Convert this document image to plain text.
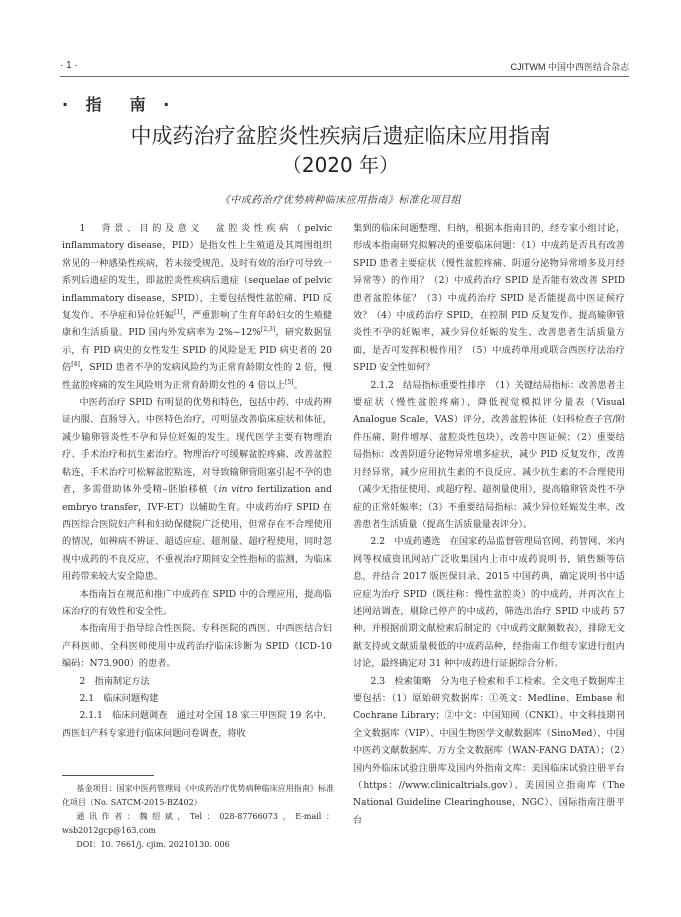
· 1 ·	CJITWM 中国中西医结合杂志
· 指　南 ·
中成药治疗盆腔炎性疾病后遗症临床应用指南
（2020 年）
《中成药治疗优势病种临床应用指南》标准化项目组

1　背景、目的及意义　盆腔炎性疾病（pelvic inflammatory disease，PID）是指女性上生殖道及其周围组织常见的一种感染性疾病，若未接受规范、及时有效的治疗可导致一系列后遗症的发生，即盆腔炎性疾病后遗症（sequelae of pelvic inflammatory disease，SPID），主要包括慢性盆腔痛、PID 反复发作、不孕症和异位妊娠[1]，严重影响了生育年龄妇女的生殖健康和生活质量。PID 国内外发病率为 2%~12%[2,3]，研究数据显示，有 PID 病史的女性发生 SPID 的风险是无 PID 病史者的 20 倍[4]，SPID 患者不孕的发病风险约为正常育龄期女性的 2 倍，慢性盆腔疼痛的发生风险则为正常育龄期女性的 4 倍以上[5]。

中医药治疗 SPID 有明显的优势和特色，包括中药、中成药辨证内服、直肠导入、中医特色治疗，可明显改善临床症状和体征，减少输卵管炎性不孕和异位妊娠的发生。现代医学主要有物理治疗、手术治疗和抗生素治疗。物理治疗可缓解盆腔疼痛、改善盆腔粘连，手术治疗可松解盆腔粘连，对导致输卵管阻塞引起不孕的患者，多需借助体外受精–胚胎移植（in vitro fertilization and embryo transfer，IVF-ET）以辅助生育。中成药治疗 SPID 在西医综合医院妇产科和妇幼保健院广泛使用，但常存在不合理使用的情况，如辨病不辨证、超适应症、超剂量、超疗程使用，同时忽视中成药的不良反应，不重视治疗期间安全性指标的监测，为临床用药带来较大安全隐患。

本指南旨在规范和推广中成药在 SPID 中的合理应用，提高临床治疗的有效性和安全性。

本指南用于指导综合性医院、专科医院的西医、中西医结合妇产科医师、全科医师使用中成药治疗临床诊断为 SPID（ICD-10 编码：N73.900）的患者。

2　指南制定方法

2.1　临床问题构建

2.1.1　临床问题调查　通过对全国 18 家三甲医院 19 名中、西医妇产科专家进行临床问题问卷调查，将收

集到的临床问题整理、归纳，根据本指南目的，经专家小组讨论，形成本指南研究拟解决的重要临床问题：（1）中成药是否具有改善 SPID 患者主要症状（慢性盆腔疼痛、阴道分泌物异常增多及月经异常等）的作用？（2）中成药治疗 SPID 是否能有效改善 SPID 患者盆腔体征？（3）中成药治疗 SPID 是否能提高中医证候疗效？（4）中成药治疗 SPID，在控制 PID 反复发作、提高输卵管炎性不孕的妊娠率，减少异位妊娠的发生、改善患者生活质量方面，是否可发挥积极作用？（5）中成药单用或联合西医疗法治疗 SPID 安全性如何？

2.1.2　结局指标重要性排序　（1）关键结局指标：改善患者主要症状（慢性盆腔疼痛），降低视觉模拟评分量表（Visual Analogue Scale，VAS）评分，改善盆腔体征（妇科检查子宫/附件压痛、附件增厚、盆腔炎性包块），改善中医证候；（2）重要结局指标：改善阴道分泌物异常增多症状，减少 PID 反复发作，改善月经异常，减少应用抗生素的不良反应、减少抗生素的不合理使用（减少无指征使用、或超疗程、超剂量使用），提高输卵管炎性不孕症的正常妊娠率；（3）不重要结局指标：减少异位妊娠发生率、改善患者生活质量（提高生活质量量表评分）。

2.2　中成药遴选　在国家药品监督管理局官网、药智网、米内网等权威资讯网站广泛收集国内上市中成药说明书，销售额等信息，并结合 2017 版医保目录、2015 中国药典，确定说明书中适应症为治疗 SPID（既往称：慢性盆腔炎）的中成药，并再次在上述网站调查，剔除已停产的中成药，筛选出治疗 SPID 中成药 57 种。并根据前期文献检索后制定的《中成药文献频数表》，排除无文献支持或文献质量极低的中成药品种，经指南工作组专家进行组内讨论，最终确定对 31 种中成药进行证据综合分析。

2.3　检索策略　分为电子检索和手工检索。全文电子数据库主要包括：（1）原始研究数据库：①英文：Medline、Embase 和 Cochrane Library；②中文：中国知网（CNKI）、中文科技期刊全文数据库（VIP）、中国生物医学文献数据库（SinoMed）、中国中医药文献数据库、万方全文数据库（WAN-FANG DATA）；（2）国内外临床试验注册库及国内外指南文库：美国临床试验注册平台（https：//www.clinicaltrials.gov）、美国国立指南库（The National Guideline Clearinghouse，NGC）、国际指南注册平台

基金项目：国家中医药管理局《中成药治疗优势病种临床应用指南》标准化项目（No. SATCM-2015-BZ402）

通讯作者：魏绍斌，Tel：028-87766073，E-mail：wsb2012gcp@163.com

DOI：10. 7661/j. cjim. 20210130. 006
